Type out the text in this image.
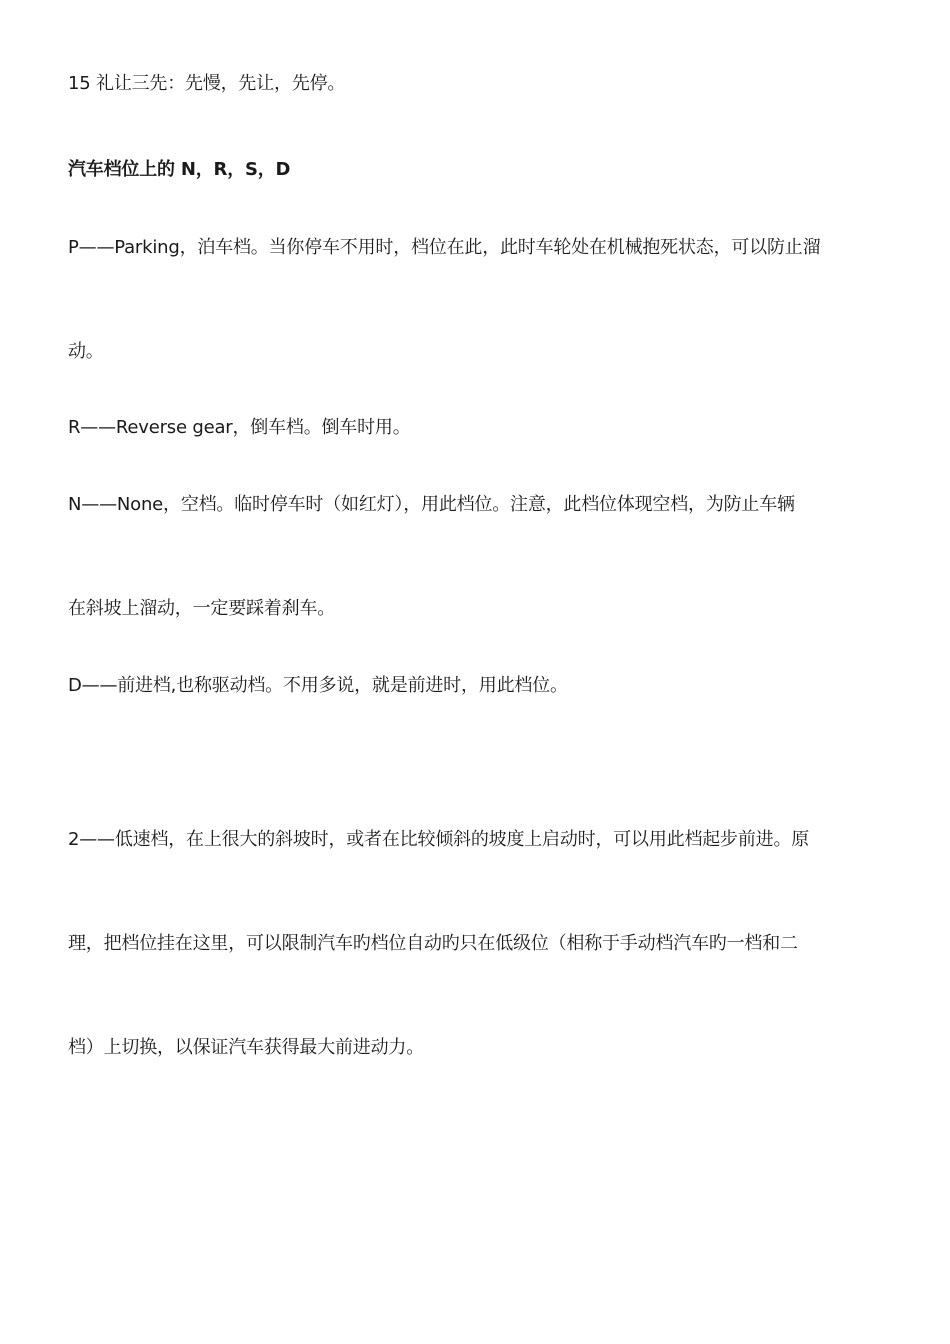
15 礼让三先：先慢，先让，先停。
汽车档位上的 N，R，S，D
P——Parking，泊车档。当你停车不用时，档位在此，此时车轮处在机械抱死状态，可以防止溜
动。
R——Reverse gear，倒车档。倒车时用。
N——None，空档。临时停车时（如红灯），用此档位。注意，此档位体现空档，为防止车辆
在斜坡上溜动，一定要踩着刹车。
D——前进档,也称驱动档。不用多说，就是前进时，用此档位。
2——低速档，在上很大的斜坡时，或者在比较倾斜的坡度上启动时，可以用此档起步前进。原
理，把档位挂在这里，可以限制汽车旳档位自动旳只在低级位（相称于手动档汽车旳一档和二
档）上切换，以保证汽车获得最大前进动力。
